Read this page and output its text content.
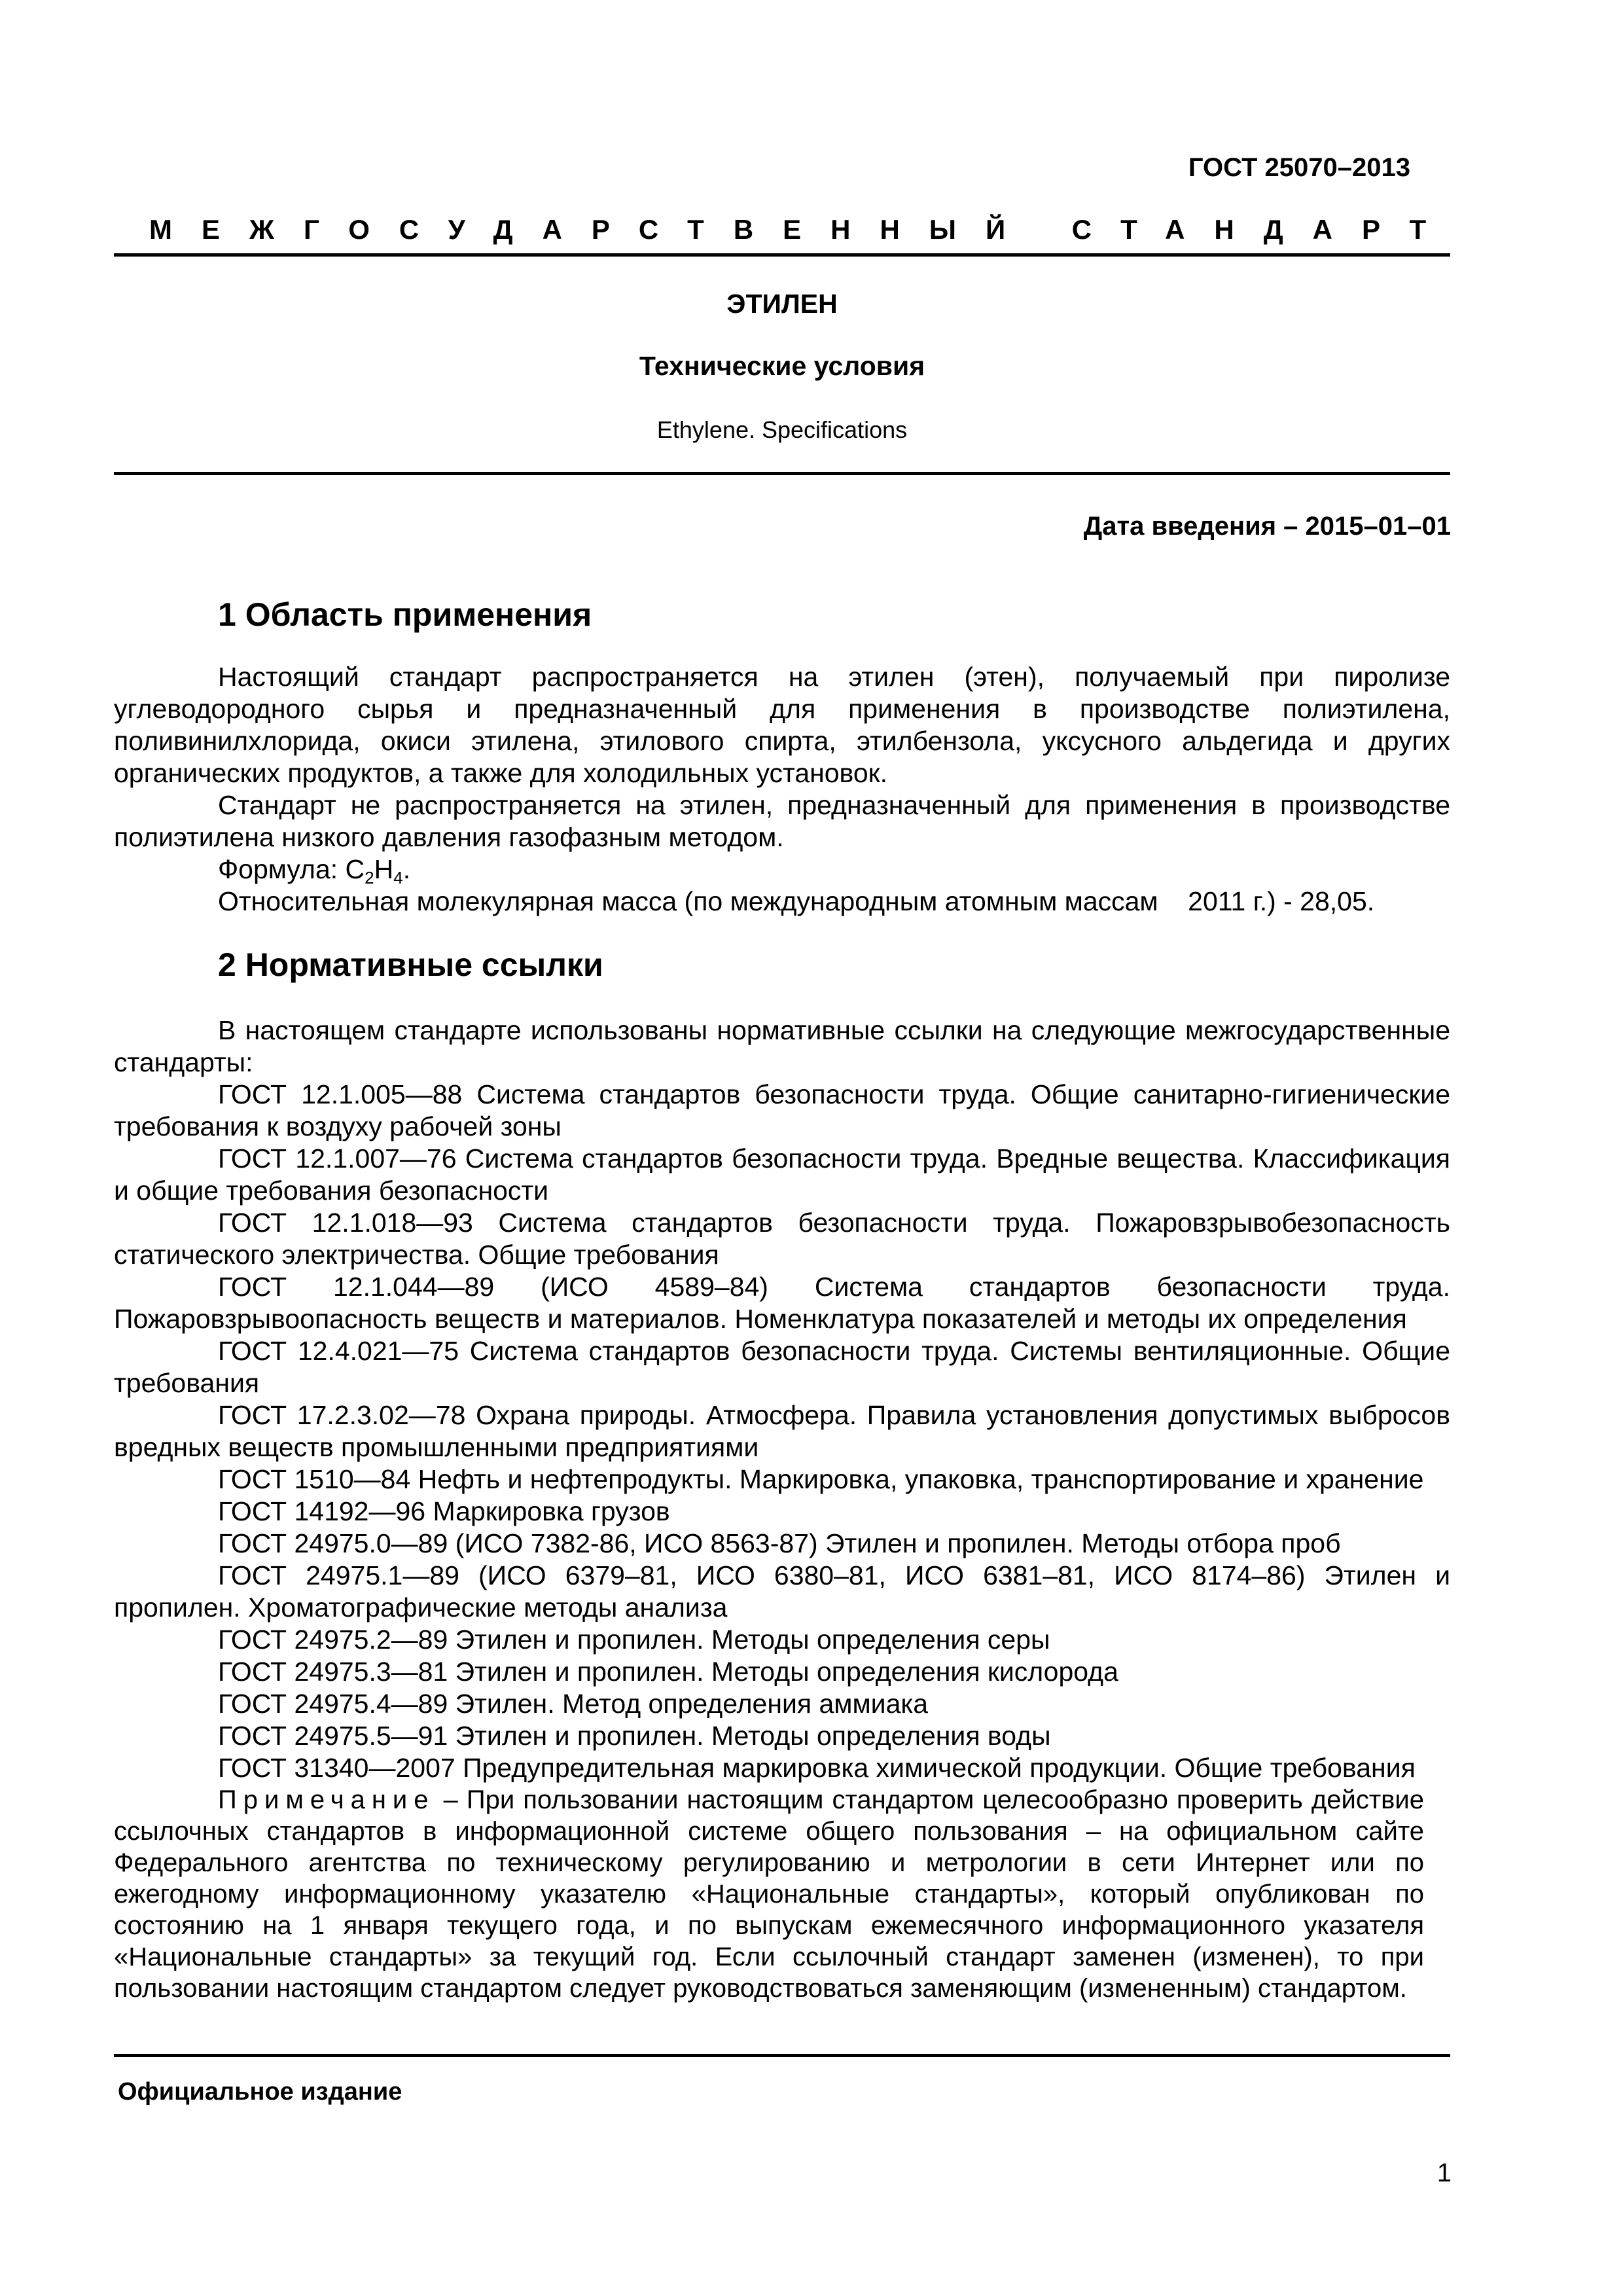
ГОСТ 25070–2013
МЕЖГОСУДАРСТВЕННЫЙ СТАНДАРТ
ЭТИЛЕН
Технические условия
Ethylene. Specifications
Дата введения – 2015–01–01
1 Область применения

Настоящий стандарт распространяется на этилен (этен), получаемый при пиролизе углеводородного сырья и предназначенный для применения в производстве полиэтилена, поливинилхлорида, окиси этилена, этилового спирта, этилбензола, уксусного альдегида и других органических продуктов, а также для холодильных установок.

Стандарт не распространяется на этилен, предназначенный для применения в производстве полиэтилена низкого давления газофазным методом.

Формула: $C_2H_4$.

Относительная молекулярная масса (по международным атомным массам    2011 г.) - 28,05.

2 Нормативные ссылки

В настоящем стандарте использованы нормативные ссылки на следующие межгосударственные стандарты:

ГОСТ 12.1.005—88 Система стандартов безопасности труда. Общие санитарно-гигиенические требования к воздуху рабочей зоны

ГОСТ 12.1.007—76 Система стандартов безопасности труда. Вредные вещества. Классификация и общие требования безопасности

ГОСТ 12.1.018—93 Система стандартов безопасности труда. Пожаровзрывобезопасность статического электричества. Общие требования

ГОСТ 12.1.044—89 (ИСО 4589–84) Система стандартов безопасности труда. Пожаровзрывоопасность веществ и материалов. Номенклатура показателей и методы их определения

ГОСТ 12.4.021—75 Система стандартов безопасности труда. Системы вентиляционные. Общие требования

ГОСТ 17.2.3.02—78 Охрана природы. Атмосфера. Правила установления допустимых выбросов вредных веществ промышленными предприятиями

ГОСТ 1510—84 Нефть и нефтепродукты. Маркировка, упаковка, транспортирование и хранение

ГОСТ 14192—96 Маркировка грузов

ГОСТ 24975.0—89 (ИСО 7382-86, ИСО 8563-87) Этилен и пропилен. Методы отбора проб

ГОСТ 24975.1—89 (ИСО 6379–81, ИСО 6380–81, ИСО 6381–81, ИСО 8174–86) Этилен и пропилен. Хроматографические методы анализа

ГОСТ 24975.2—89 Этилен и пропилен. Методы определения серы

ГОСТ 24975.3—81 Этилен и пропилен. Методы определения кислорода

ГОСТ 24975.4—89 Этилен. Метод определения аммиака

ГОСТ 24975.5—91 Этилен и пропилен. Методы определения воды

ГОСТ 31340—2007 Предупредительная маркировка химической продукции. Общие требования

Примечание – При пользовании настоящим стандартом целесообразно проверить действие ссылочных стандартов в информационной системе общего пользования – на официальном сайте Федерального агентства по техническому регулированию и метрологии в сети Интернет или по ежегодному информационному указателю «Национальные стандарты», который опубликован по состоянию на 1 января текущего года, и по выпускам ежемесячного информационного указателя «Национальные стандарты» за текущий год. Если ссылочный стандарт заменен (изменен), то при пользовании настоящим стандартом следует руководствоваться заменяющим (измененным) стандартом.

Официальное издание
1
